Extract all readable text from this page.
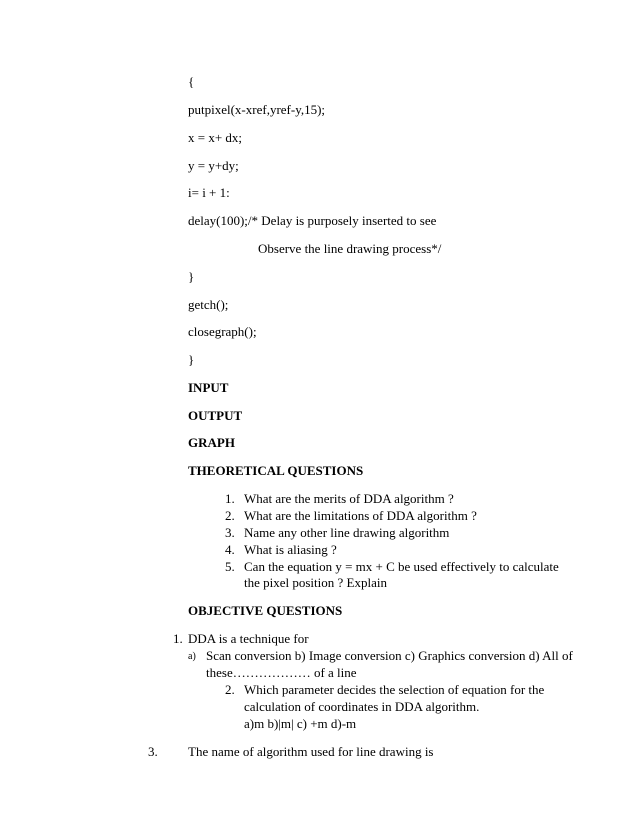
{
putpixel(x-xref,yref-y,15);
x = x+ dx;
y = y+dy;
i= i + 1:
delay(100);/* Delay is purposely inserted to see
Observe the line drawing process*/
}
getch();
closegraph();
}
INPUT
OUTPUT
GRAPH
THEORETICAL QUESTIONS
1. What are the merits of DDA algorithm ?
2. What are the limitations of DDA algorithm ?
3. Name any other line drawing algorithm
4. What is aliasing ?
5. Can the equation y = mx + C be used effectively to calculate
the pixel position ? Explain
OBJECTIVE QUESTIONS
1. DDA is a technique for
a) Scan conversion b) Image conversion c) Graphics conversion d) All of
these……………… of a line
2. Which parameter decides the selection of equation for the
calculation of coordinates in DDA algorithm.
a)m b)|m| c) +m d)-m
3. The name of algorithm used for line drawing is
